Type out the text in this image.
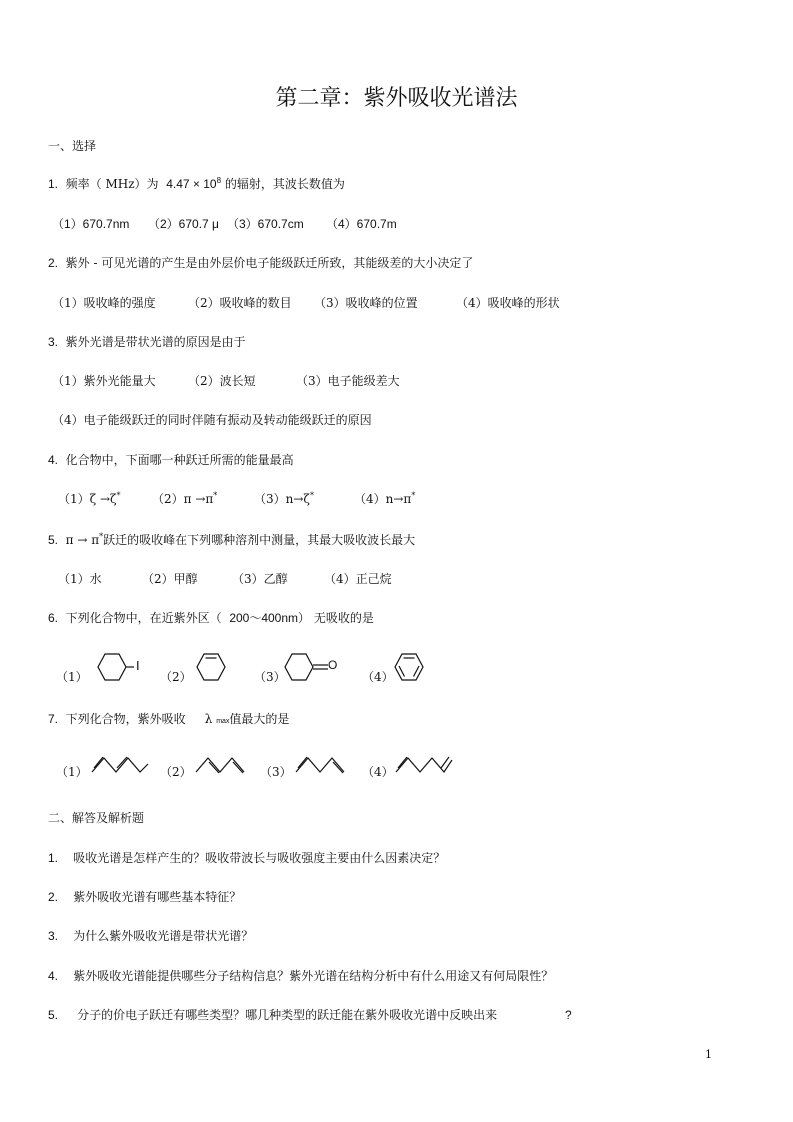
第二章：紫外吸收光谱法
一、选择
1. 频率（ MHz）为 $4.47 \times 10^8$ 的辐射，其波长数值为
（1）670.7nm （2）670.7 μ （3）670.7cm （4）670.7m
2. 紫外 - 可见光谱的产生是由外层价电子能级跃迁所致，其能级差的大小决定了
（1）吸收峰的强度	（2）吸收峰的数目 （3）吸收峰的位置	（4）吸收峰的形状
3. 紫外光谱是带状光谱的原因是由于
（1）紫外光能量大	（2）波长短	（3）电子能级差大
（4）电子能级跃迁的同时伴随有振动及转动能级跃迁的原因
4. 化合物中，下面哪一种跃迁所需的能量最高
（1）ζ →ζ*	（2）π →π*	（3）n→ζ*	（4）n→π*
5. π → π*跃迁的吸收峰在下列哪种溶剂中测量，其最大吸收波长最大
（1）水	（2）甲醇	（3）乙醇	（4）正己烷
6. 下列化合物中，在近紫外区（ 200～400nm） 无吸收的是
（1）	（2）	（3）	（4）
I	O
7. 下列化合物，紫外吸收 λ max值最大的是
（1）	（2）	（3）	（4）
二、解答及解析题
1. 吸收光谱是怎样产生的？吸收带波长与吸收强度主要由什么因素决定？
2. 紫外吸收光谱有哪些基本特征？
3. 为什么紫外吸收光谱是带状光谱？
4. 紫外吸收光谱能提供哪些分子结构信息？紫外光谱在结构分析中有什么用途又有何局限性？
5. 分子的价电子跃迁有哪些类型？哪几种类型的跃迁能在紫外吸收光谱中反映出来	?
1
